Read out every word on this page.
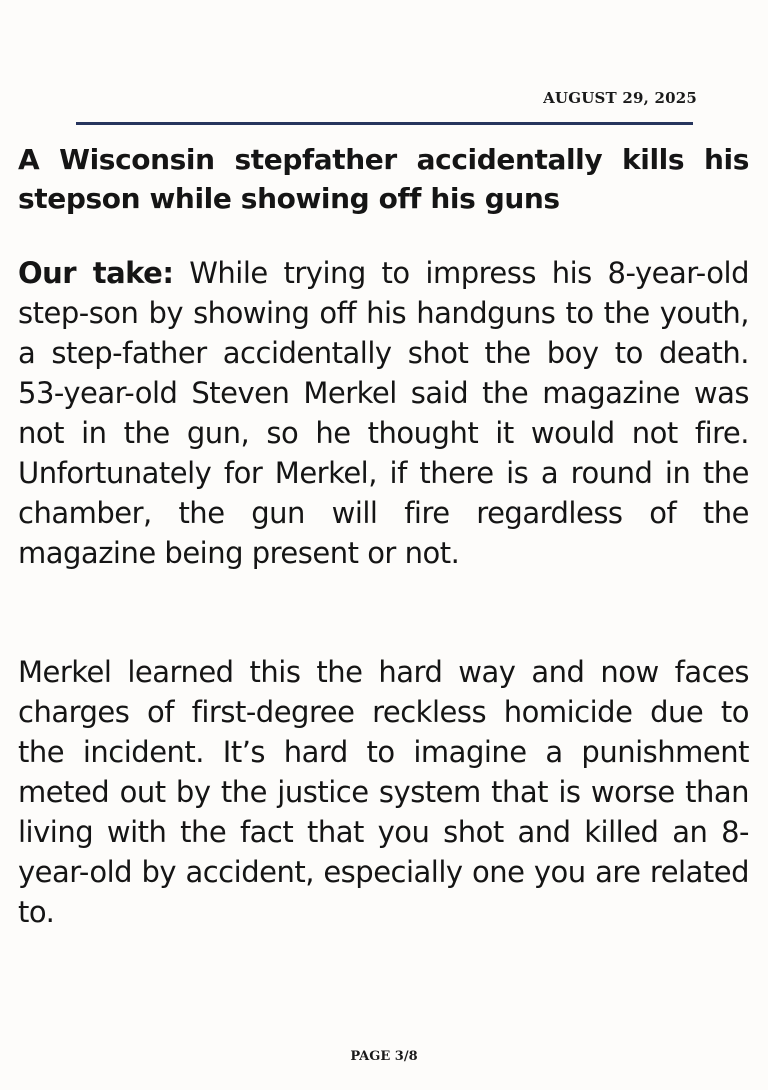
AUGUST 29, 2025
A Wisconsin stepfather accidentally kills his stepson while showing off his guns

Our take: While trying to impress his 8-year-old step-son by showing off his handguns to the youth, a step-father accidentally shot the boy to death. 53-year-old Steven Merkel said the magazine was not in the gun, so he thought it would not fire. Unfortunately for Merkel, if there is a round in the chamber, the gun will fire regardless of the magazine being present or not.

Merkel learned this the hard way and now faces charges of first-degree reckless homicide due to the incident. It’s hard to imagine a punishment meted out by the justice system that is worse than living with the fact that you shot and killed an 8-year-old by accident, especially one you are related to.

PAGE 3/8
